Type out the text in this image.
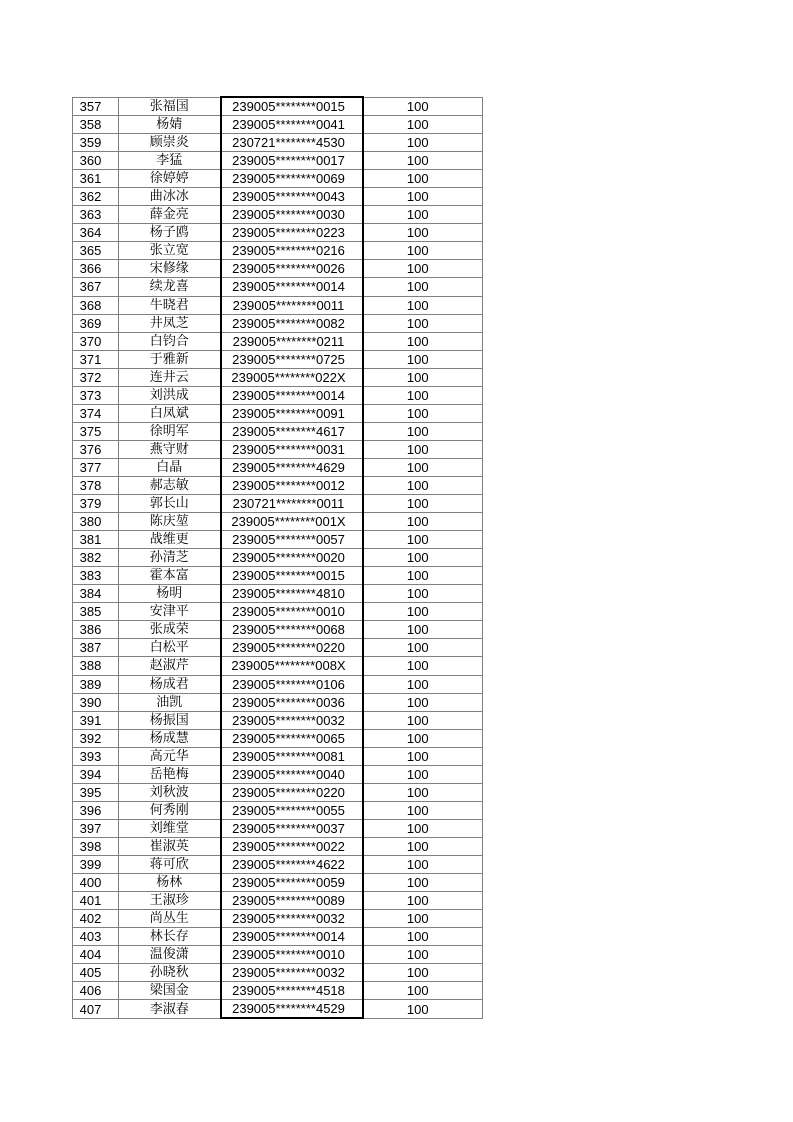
357	张福国	239005********0015	100
358	杨婧	239005********0041	100
359	顾崇炎	230721********4530	100
360	李猛	239005********0017	100
361	徐婷婷	239005********0069	100
362	曲冰冰	239005********0043	100
363	薛金亮	239005********0030	100
364	杨子鸥	239005********0223	100
365	张立宽	239005********0216	100
366	宋修缘	239005********0026	100
367	续龙喜	239005********0014	100
368	牛晓君	239005********0011	100
369	井凤芝	239005********0082	100
370	白钧合	239005********0211	100
371	于雅新	239005********0725	100
372	连井云	239005********022X	100
373	刘洪成	239005********0014	100
374	白凤斌	239005********0091	100
375	徐明军	239005********4617	100
376	燕守财	239005********0031	100
377	白晶	239005********4629	100
378	郝志敏	239005********0012	100
379	郭长山	230721********0011	100
380	陈庆堃	239005********001X	100
381	战维更	239005********0057	100
382	孙清芝	239005********0020	100
383	霍本富	239005********0015	100
384	杨明	239005********4810	100
385	安津平	239005********0010	100
386	张成荣	239005********0068	100
387	白松平	239005********0220	100
388	赵淑芹	239005********008X	100
389	杨成君	239005********0106	100
390	油凯	239005********0036	100
391	杨振国	239005********0032	100
392	杨成慧	239005********0065	100
393	高元华	239005********0081	100
394	岳艳梅	239005********0040	100
395	刘秋波	239005********0220	100
396	何秀刚	239005********0055	100
397	刘维堂	239005********0037	100
398	崔淑英	239005********0022	100
399	蒋可欣	239005********4622	100
400	杨林	239005********0059	100
401	王淑珍	239005********0089	100
402	尚丛生	239005********0032	100
403	林长存	239005********0014	100
404	温俊潇	239005********0010	100
405	孙晓秋	239005********0032	100
406	梁国金	239005********4518	100
407	李淑春	239005********4529	100
